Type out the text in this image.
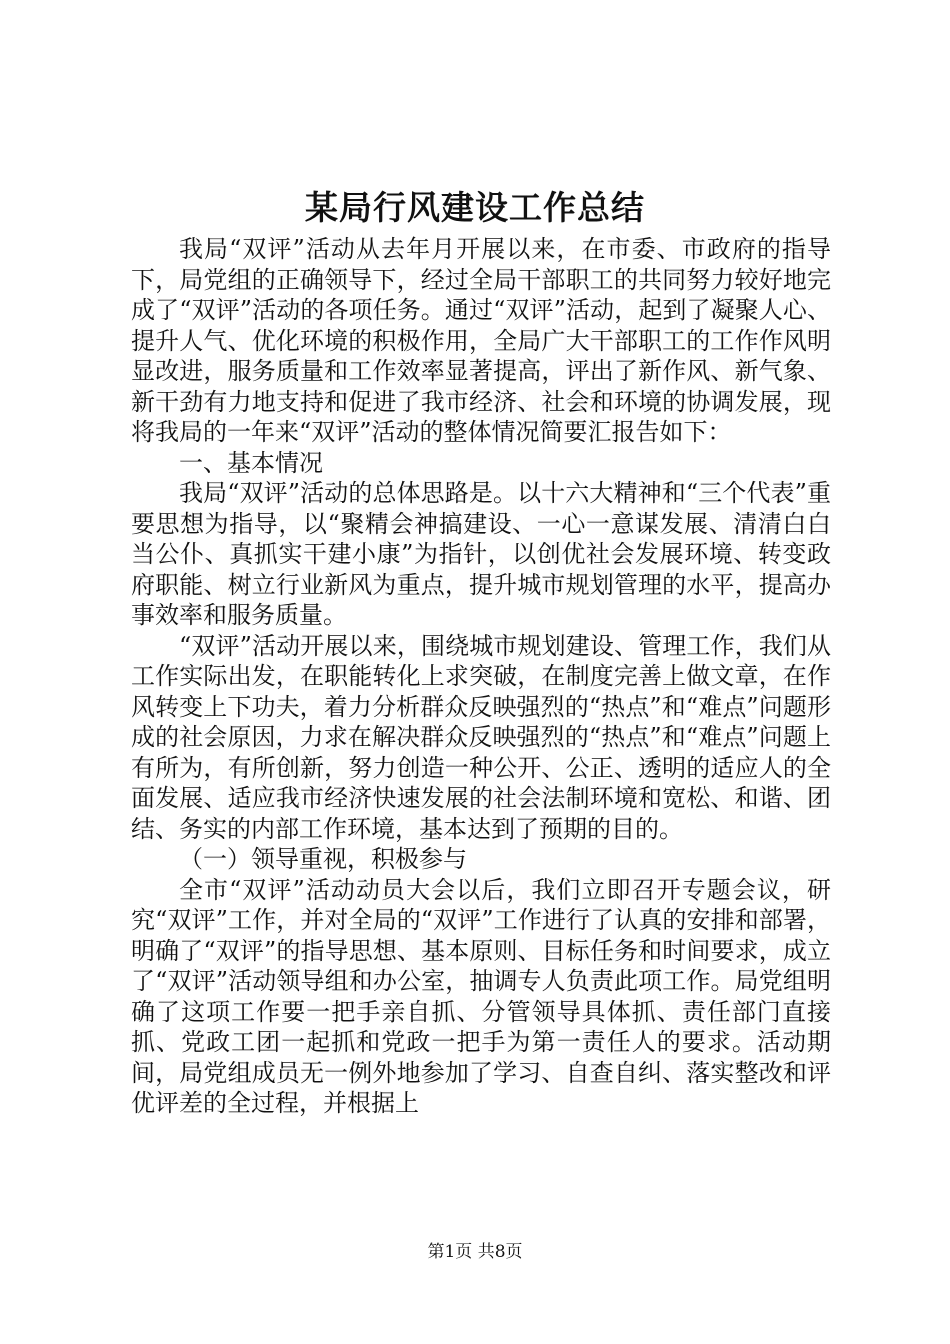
某局行风建设工作总结

我局“双评”活动从去年月开展以来，在市委、市政府的指导下，局党组的正确领导下，经过全局干部职工的共同努力较好地完成了“双评”活动的各项任务。通过“双评”活动，起到了凝聚人心、提升人气、优化环境的积极作用，全局广大干部职工的工作作风明显改进，服务质量和工作效率显著提高，评出了新作风、新气象、新干劲有力地支持和促进了我市经济、社会和环境的协调发展，现将我局的一年来“双评”活动的整体情况简要汇报告如下：

一、基本情况

我局“双评”活动的总体思路是。以十六大精神和“三个代表”重要思想为指导，以“聚精会神搞建设、一心一意谋发展、清清白白当公仆、真抓实干建小康”为指针，以创优社会发展环境、转变政府职能、树立行业新风为重点，提升城市规划管理的水平，提高办事效率和服务质量。

“双评”活动开展以来，围绕城市规划建设、管理工作，我们从工作实际出发，在职能转化上求突破，在制度完善上做文章，在作风转变上下功夫，着力分析群众反映强烈的“热点”和“难点”问题形成的社会原因，力求在解决群众反映强烈的“热点”和“难点”问题上有所为，有所创新，努力创造一种公开、公正、透明的适应人的全面发展、适应我市经济快速发展的社会法制环境和宽松、和谐、团结、务实的内部工作环境，基本达到了预期的目的。

（一）领导重视，积极参与

全市“双评”活动动员大会以后，我们立即召开专题会议，研究“双评”工作，并对全局的“双评”工作进行了认真的安排和部署，明确了“双评”的指导思想、基本原则、目标任务和时间要求，成立了“双评”活动领导组和办公室，抽调专人负责此项工作。局党组明确了这项工作要一把手亲自抓、分管领导具体抓、责任部门直接抓、党政工团一起抓和党政一把手为第一责任人的要求。活动期间，局党组成员无一例外地参加了学习、自查自纠、落实整改和评优评差的全过程，并根据上

第1页 共8页
